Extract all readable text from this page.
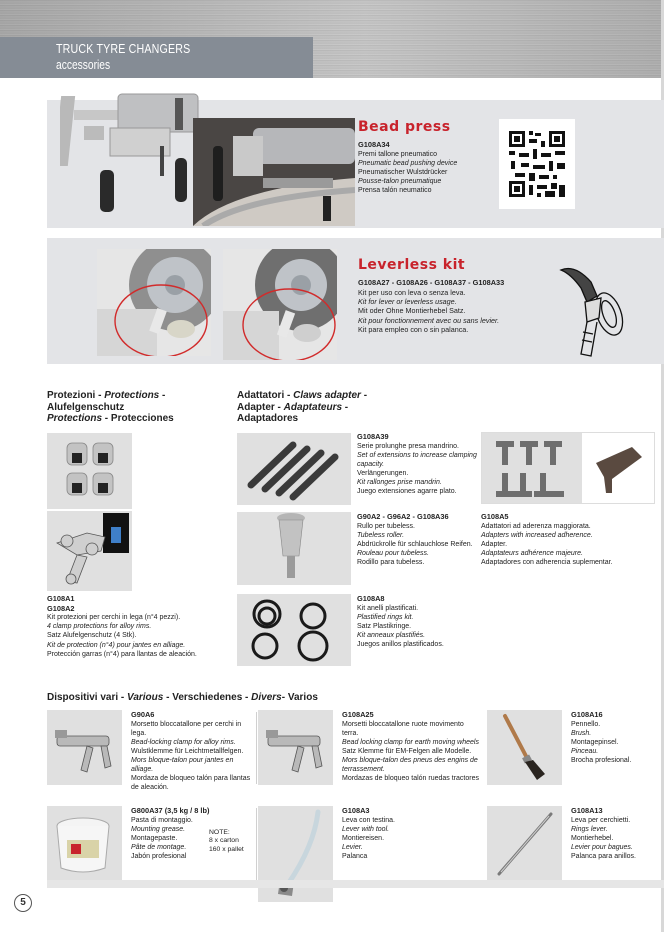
TRUCK TYRE CHANGERS
accessories
Bead press
G108A34
Premi tallone pneumatico
Pneumatic bead pushing device
Pneumatischer Wulstdrücker
Pousse-talon pneumatique
Prensa talón neumatico
Leverless kit
G108A27 - G108A26 - G108A37 - G108A33
Kit per uso con leva o senza leva.
Kit for lever or leverless usage.
Mit oder Ohne Montierhebel Satz.
Kit pour fonctionnement avec ou sans levier.
Kit para empleo con o sin palanca.
Protezioni - Protections -
Alufelgenschutz
Protections - Protecciones
G108A1
G108A2
Kit protezioni per cerchi in lega (n°4 pezzi).
4 clamp protections for alloy rims.
Satz Alufelgenschutz (4 Stk).
Kit de protection (n°4) pour jantes en alliage.
Protección garras (n°4) para llantas de aleación.
Adattatori - Claws adapter -
Adapter - Adaptateurs -
Adaptadores
G108A39
Serie prolunghe presa mandrino.
Set of extensions to increase clamping capacity.
Verlängerungen.
Kit rallonges prise mandrin.
Juego extensiones agarre plato.
G90A2 - G96A2 - G108A36
Rullo per tubeless.
Tubeless roller.
Abdrückrolle für schlauchlose Reifen.
Rouleau pour tubeless.
Rodillo para tubeless.
G108A8
Kit anelli plastificati.
Plastified rings kit.
Satz Plastikringe.
Kit anneaux plastifiés.
Juegos anillos plastificados.
G108A5
Adattatori ad aderenza maggiorata.
Adapters with increased adherence.
Adapter.
Adaptateurs adhérence majeure.
Adaptadores con adherencia suplementar.
Dispositivi vari - Various - Verschiedenes - Divers- Varios
G90A6
Morsetto bloccatallone per cerchi in lega.
Bead-locking clamp for alloy rims.
Wulstklemme für Leichtmetallfelgen.
Mors bloque-talon pour jantes en alliage.
Mordaza de bloqueo talón para llantas de aleación.
G108A25
Morsetti bloccatallone ruote movimento terra.
Bead locking clamp for earth moving wheels
Satz Klemme für EM-Felgen alle Modelle.
Mors bloque-talon des pneus des engins de terrassement.
Mordazas de bloqueo talón ruedas tractores
G108A16
Pennello.
Brush.
Montagepinsel.
Pinceau.
Brocha profesional.
G800A37 (3,5 kg / 8 lb)
Pasta di montaggio.
Mounting grease.
Montagepaste.
Pâte de montage.
Jabón profesional
NOTE:
8 x carton
160 x pallet
G108A3
Leva con testina.
Lever with tool.
Montiereisen.
Levier.
Palanca
G108A13
Leva per cerchietti.
Rings lever.
Montierhebel.
Levier pour bagues.
Palanca para anillos.
5
